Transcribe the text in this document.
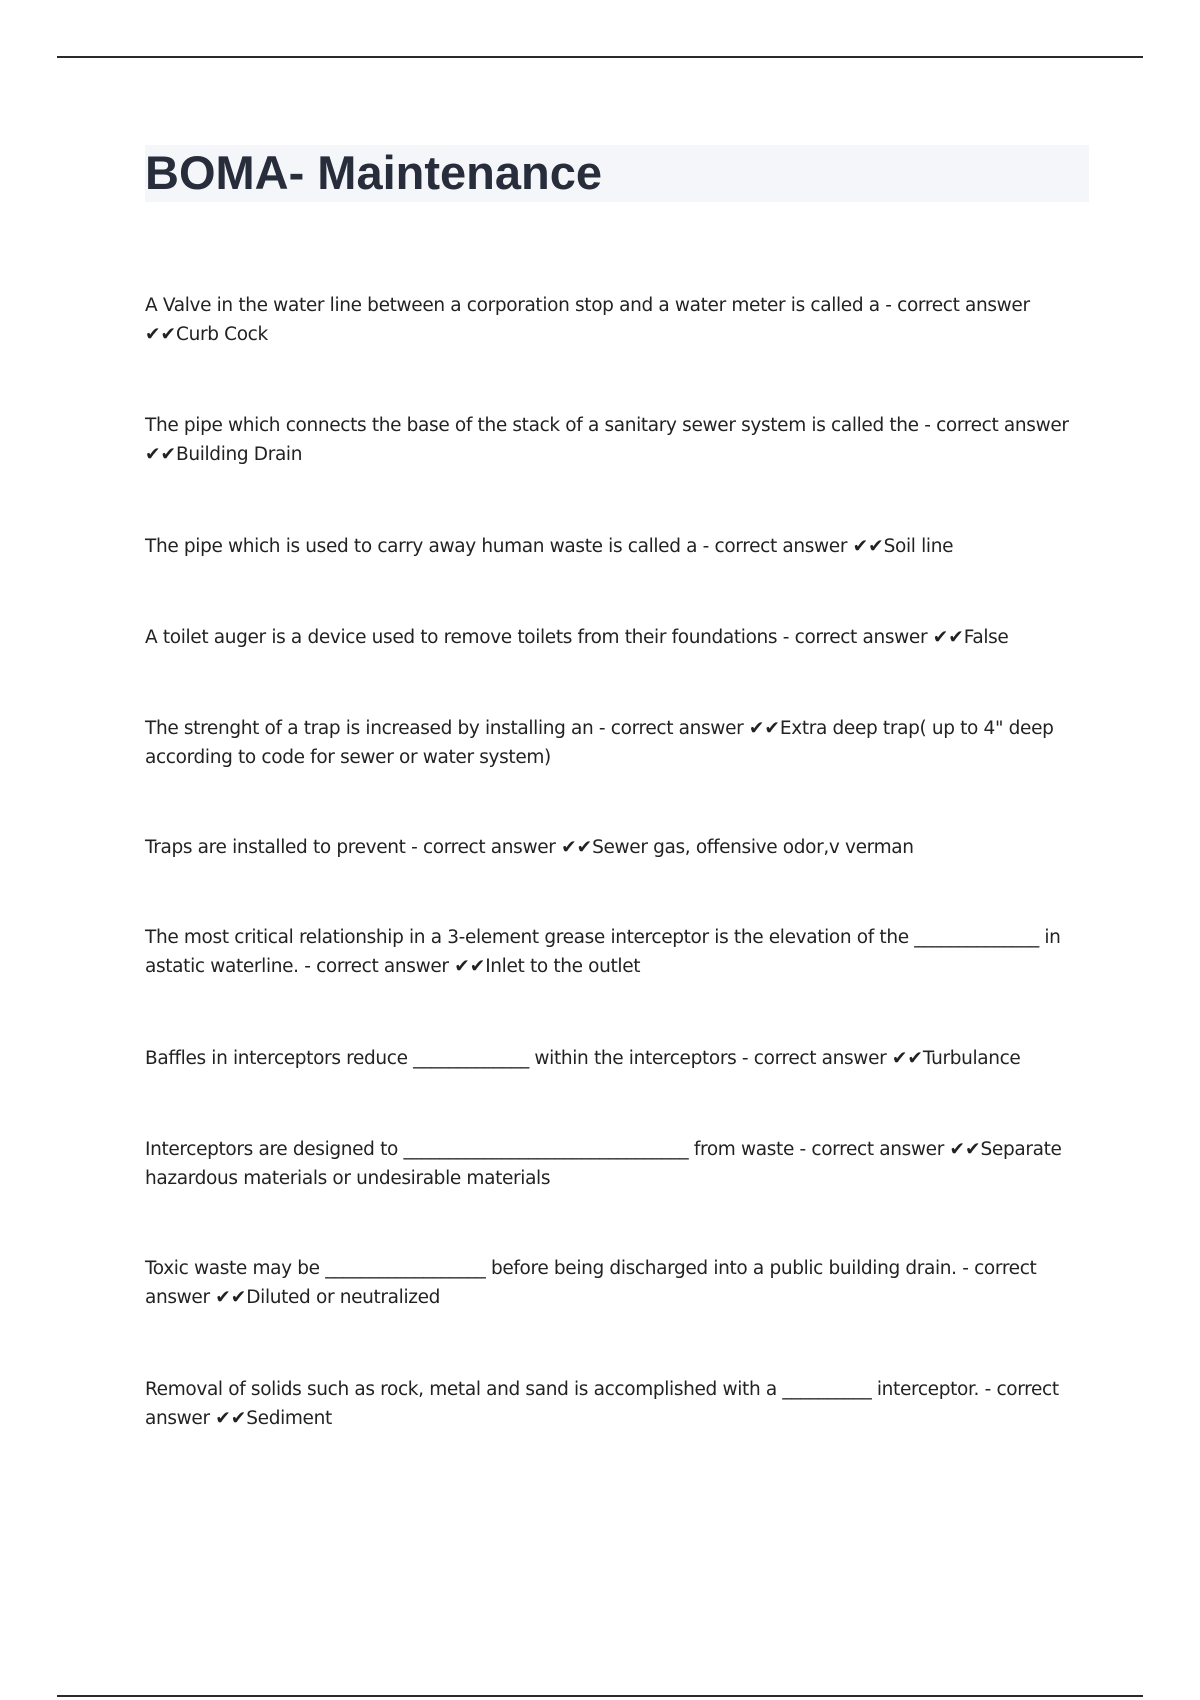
BOMA- Maintenance

A Valve in the water line between a corporation stop and a water meter is called a - correct answer ✔✔Curb Cock

The pipe which connects the base of the stack of a sanitary sewer system is called the - correct answer ✔✔Building Drain

The pipe which is used to carry away human waste is called a - correct answer ✔✔Soil line

A toilet auger is a device used to remove toilets from their foundations - correct answer ✔✔False

The strenght of a trap is increased by installing an - correct answer ✔✔Extra deep trap( up to 4" deep according to code for sewer or water system)

Traps are installed to prevent - correct answer ✔✔Sewer gas, offensive odor,v verman

The most critical relationship in a 3-element grease interceptor is the elevation of the ______________ in astatic waterline. - correct answer ✔✔Inlet to the outlet

Baffles in interceptors reduce _____________ within the interceptors - correct answer ✔✔Turbulance

Interceptors are designed to ________________________________ from waste - correct answer ✔✔Separate hazardous materials or undesirable materials

Toxic waste may be __________________ before being discharged into a public building drain. - correct answer ✔✔Diluted or neutralized

Removal of solids such as rock, metal and sand is accomplished with a __________ interceptor. - correct answer ✔✔Sediment
